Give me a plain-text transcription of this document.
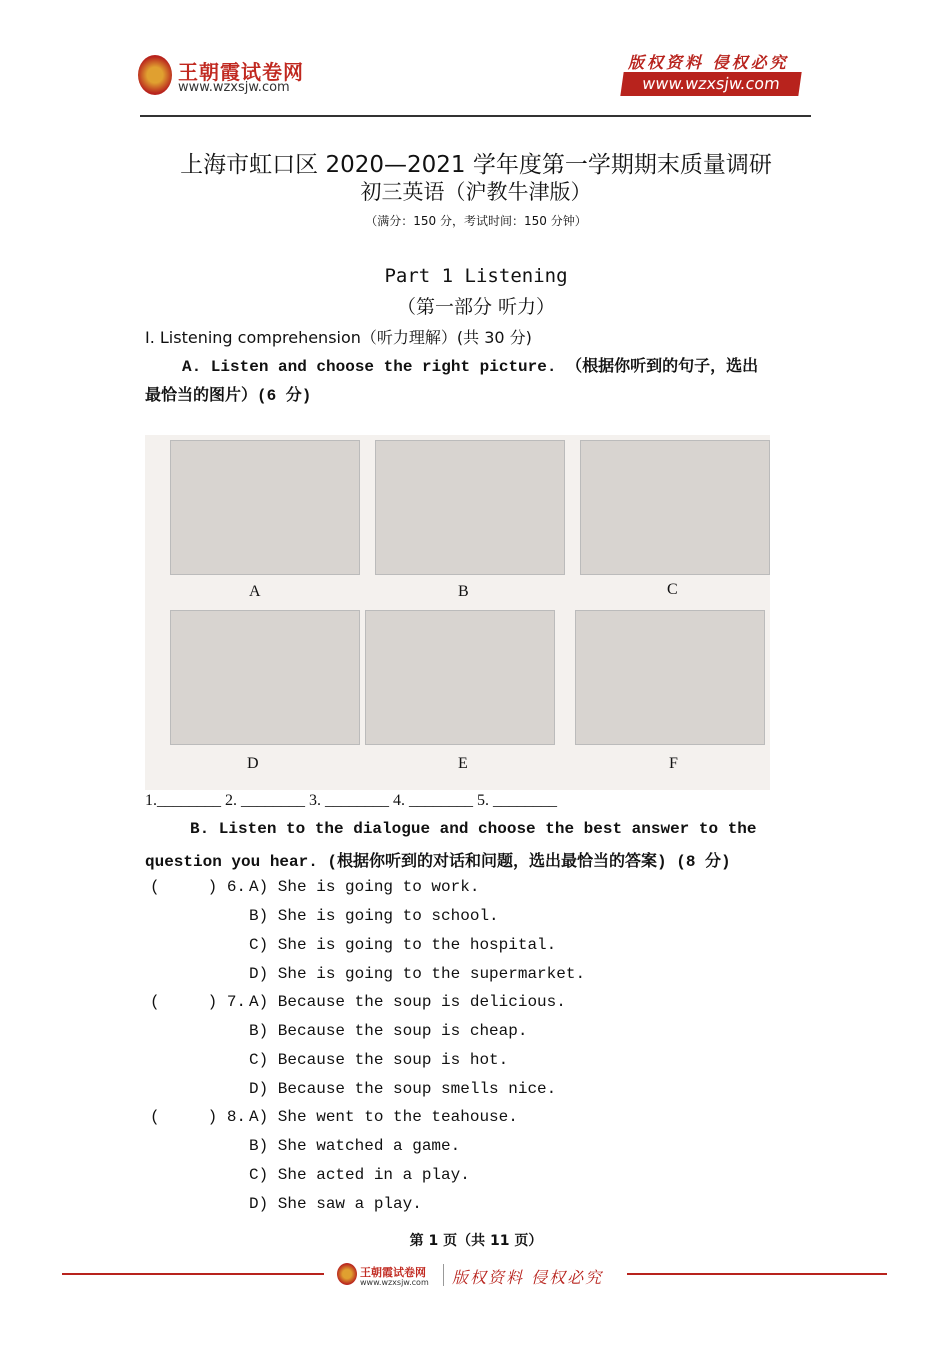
王朝霞试卷网
www.wzxsjw.com
版权资料 侵权必究
www.wzxsjw.com
上海市虹口区 2020—2021 学年度第一学期期末质量调研
初三英语（沪教牛津版）
（满分：150 分，考试时间：150 分钟）
Part 1 Listening
（第一部分 听力）
Ⅰ. Listening comprehension（听力理解）(共 30 分)
A. Listen and choose the right picture. （根据你听到的句子，选出
最恰当的图片）(6 分)
A	B	C
D	E	F
1.________ 2. ________ 3. ________ 4. ________ 5. ________
B. Listen to the dialogue and choose the best answer to the
question you hear. (根据你听到的对话和问题，选出最恰当的答案) (8 分)
(     ) 6. A) She is going to work.
B) She is going to school.
C) She is going to the hospital.
D) She is going to the supermarket.
(     ) 7. A) Because the soup is delicious.
B) Because the soup is cheap.
C) Because the soup is hot.
D) Because the soup smells nice.
(     ) 8. A) She went to the teahouse.
B) She watched a game.
C) She acted in a play.
D) She saw a play.
第 1 页（共 11 页）
王朝霞试卷网
www.wzxsjw.com 版权资料 侵权必究
